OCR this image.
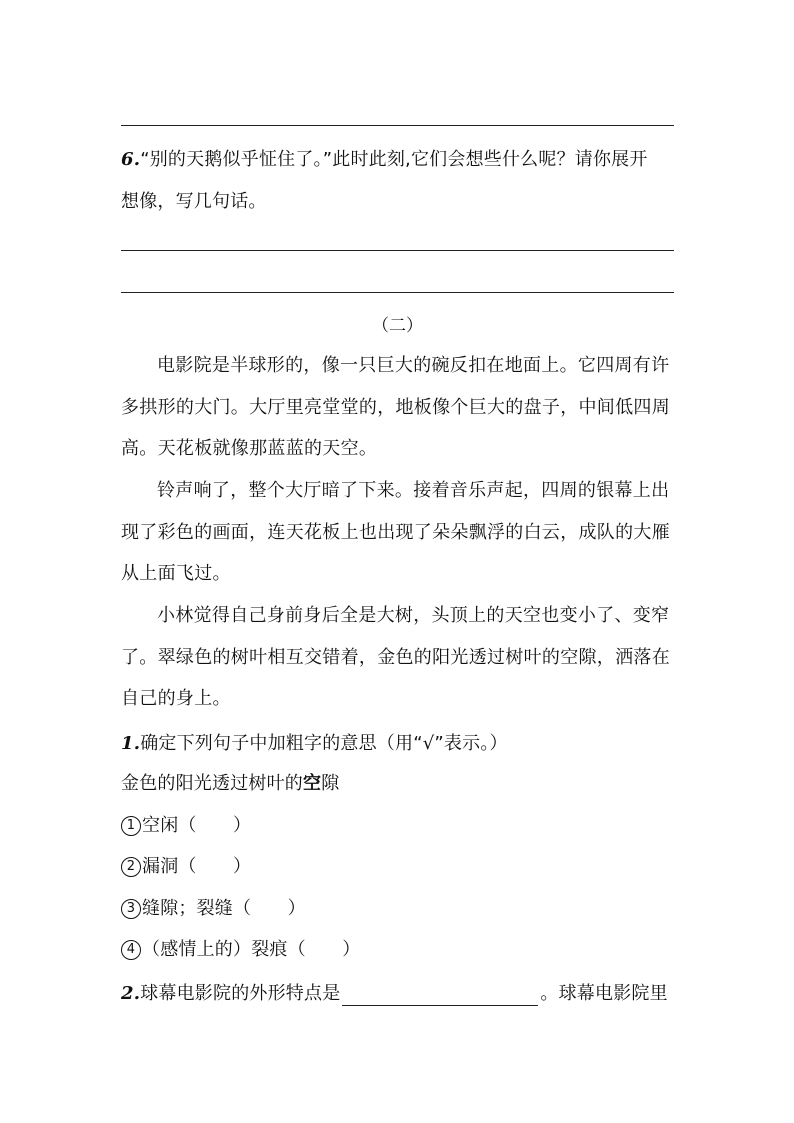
6.“别的天鹅似乎怔住了。”此时此刻,它们会想些什么呢？请你展开
想像，写几句话。
（二）
电影院是半球形的，像一只巨大的碗反扣在地面上。它四周有许多拱形的大门。大厅里亮堂堂的，地板像个巨大的盘子，中间低四周高。天花板就像那蓝蓝的天空。
铃声响了，整个大厅暗了下来。接着音乐声起，四周的银幕上出现了彩色的画面，连天花板上也出现了朵朵飘浮的白云，成队的大雁从上面飞过。
小林觉得自己身前身后全是大树，头顶上的天空也变小了、变窄了。翠绿色的树叶相互交错着，金色的阳光透过树叶的空隙，洒落在自己的身上。
1.确定下列句子中加粗字的意思（用“√”表示。）
金色的阳光透过树叶的空隙
1 空闲（　　）
2 漏洞（　　）
3 缝隙；裂缝（　　）
4 （感情上的）裂痕（　　）
2.球幕电影院的外形特点是	。球幕电影院里
